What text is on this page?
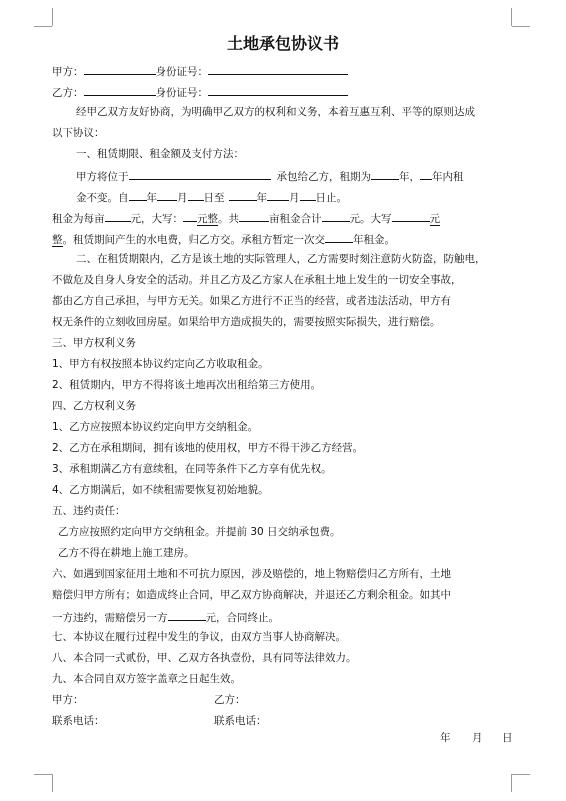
土地承包协议书
甲方：	身份证号：
乙方：	身份证号：
经甲乙双方友好协商，为明确甲乙双方的权利和义务，本着互惠互利、平等的原则达成
以下协议：
一、租赁期限、租金额及支付方法：
甲方将位于	承包给乙方，租期为	年， 年内租
金不变。自 年 月 日至	年 月 日止。
租金为每亩 元，大写： 元整。共	亩租金合计	元。大写	元
整。租赁期间产生的水电费，归乙方交。承租方暂定一次交	年租金。
二、在租赁期限内，乙方是该土地的实际管理人，乙方需要时刻注意防火防盗，防触电，
不做危及自身人身安全的活动。并且乙方及乙方家人在承租土地上发生的一切安全事故，
都由乙方自己承担，与甲方无关。如果乙方进行不正当的经营，或者违法活动，甲方有
权无条件的立刻收回房屋。如果给甲方造成损失的，需要按照实际损失，进行赔偿。
三、甲方权利义务
1、甲方有权按照本协议约定向乙方收取租金。
2、租赁期内，甲方不得将该土地再次出租给第三方使用。
四、乙方权利义务
1、乙方应按照本协议约定向甲方交纳租金。
2、乙方在承租期间，拥有该地的使用权，甲方不得干涉乙方经营。
3、承租期满乙方有意续租，在同等条件下乙方享有优先权。
4、乙方期满后，如不续租需要恢复初始地貌。
五、违约责任：
乙方应按照约定向甲方交纳租金。并提前 30 日交纳承包费。
乙方不得在耕地上施工建房。
六、如遇到国家征用土地和不可抗力原因，涉及赔偿的，地上物赔偿归乙方所有，土地
赔偿归甲方所有；如造成终止合同，甲乙双方协商解决，并退还乙方剩余租金。如其中
一方违约，需赔偿另一方	元，合同终止。
七、本协议在履行过程中发生的争议，由双方当事人协商解决。
八、本合同一式贰份，甲、乙双方各执壹份，具有同等法律效力。
九、本合同自双方签字盖章之日起生效。
甲方：	乙方：
联系电话：	联系电话：
年 月 日
